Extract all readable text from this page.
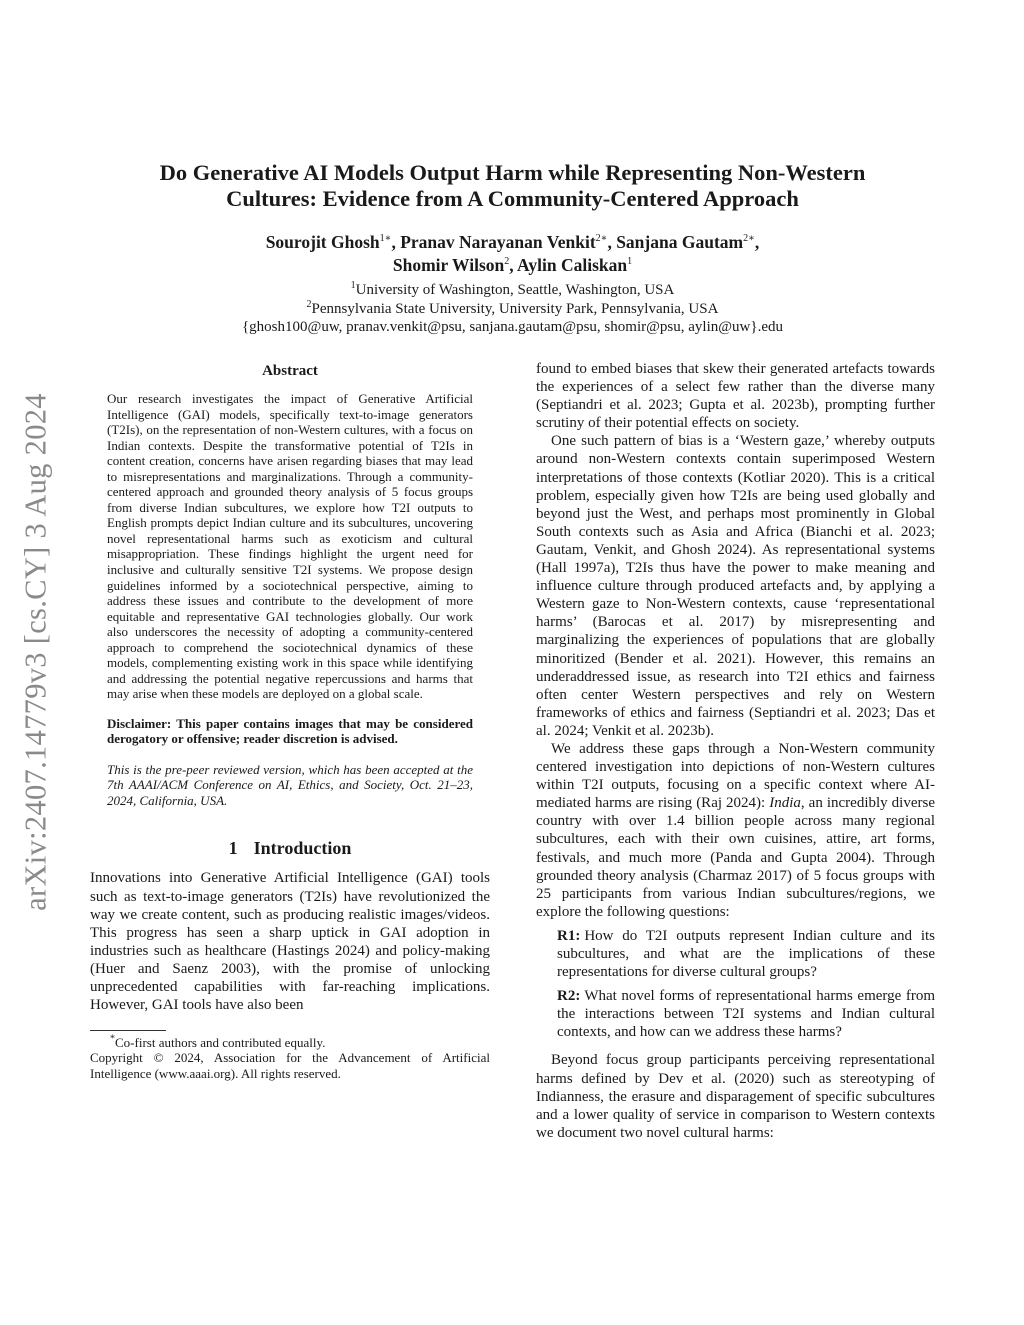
arXiv:2407.14779v3 [cs.CY] 3 Aug 2024
Do Generative AI Models Output Harm while Representing Non-Western
Cultures: Evidence from A Community-Centered Approach
Sourojit Ghosh$^{1∗}$, Pranav Narayanan Venkit$^{2∗}$, Sanjana Gautam$^{2∗}$,
Shomir Wilson$^2$, Aylin Caliskan$^1$
$^1$University of Washington, Seattle, Washington, USA
$^2$Pennsylvania State University, University Park, Pennsylvania, USA
{ghosh100@uw, pranav.venkit@psu, sanjana.gautam@psu, shomir@psu, aylin@uw}.edu
Abstract

Our research investigates the impact of Generative Artificial Intelligence (GAI) models, specifically text-to-image generators (T2Is), on the representation of non-Western cultures, with a focus on Indian contexts. Despite the transformative potential of T2Is in content creation, concerns have arisen regarding biases that may lead to misrepresentations and marginalizations. Through a community-centered approach and grounded theory analysis of 5 focus groups from diverse Indian subcultures, we explore how T2I outputs to English prompts depict Indian culture and its subcultures, uncovering novel representational harms such as exoticism and cultural misappropriation. These findings highlight the urgent need for inclusive and culturally sensitive T2I systems. We propose design guidelines informed by a sociotechnical perspective, aiming to address these issues and contribute to the development of more equitable and representative GAI technologies globally. Our work also underscores the necessity of adopting a community-centered approach to comprehend the sociotechnical dynamics of these models, complementing existing work in this space while identifying and addressing the potential negative repercussions and harms that may arise when these models are deployed on a global scale.

Disclaimer: This paper contains images that may be considered derogatory or offensive; reader discretion is advised.

This is the pre-peer reviewed version, which has been accepted at the 7th AAAI/ACM Conference on AI, Ethics, and Society, Oct. 21–23, 2024, California, USA.

1 Introduction

Innovations into Generative Artificial Intelligence (GAI) tools such as text-to-image generators (T2Is) have revolutionized the way we create content, such as producing realistic images/videos. This progress has seen a sharp uptick in GAI adoption in industries such as healthcare (Hastings 2024) and policy-making (Huer and Saenz 2003), with the promise of unlocking unprecedented capabilities with far-reaching implications. However, GAI tools have also been

*Co-first authors and contributed equally.

Copyright © 2024, Association for the Advancement of Artificial Intelligence (www.aaai.org). All rights reserved.

found to embed biases that skew their generated artefacts towards the experiences of a select few rather than the diverse many (Septiandri et al. 2023; Gupta et al. 2023b), prompting further scrutiny of their potential effects on society.

One such pattern of bias is a ‘Western gaze,’ whereby outputs around non-Western contexts contain superimposed Western interpretations of those contexts (Kotliar 2020). This is a critical problem, especially given how T2Is are being used globally and beyond just the West, and perhaps most prominently in Global South contexts such as Asia and Africa (Bianchi et al. 2023; Gautam, Venkit, and Ghosh 2024). As representational systems (Hall 1997a), T2Is thus have the power to make meaning and influence culture through produced artefacts and, by applying a Western gaze to Non-Western contexts, cause ‘representational harms’ (Barocas et al. 2017) by misrepresenting and marginalizing the experiences of populations that are globally minoritized (Bender et al. 2021). However, this remains an underaddressed issue, as research into T2I ethics and fairness often center Western perspectives and rely on Western frameworks of ethics and fairness (Septiandri et al. 2023; Das et al. 2024; Venkit et al. 2023b).

We address these gaps through a Non-Western community centered investigation into depictions of non-Western cultures within T2I outputs, focusing on a specific context where AI-mediated harms are rising (Raj 2024): India, an incredibly diverse country with over 1.4 billion people across many regional subcultures, each with their own cuisines, attire, art forms, festivals, and much more (Panda and Gupta 2004). Through grounded theory analysis (Charmaz 2017) of 5 focus groups with 25 participants from various Indian subcultures/regions, we explore the following questions:

R1: How do T2I outputs represent Indian culture and its subcultures, and what are the implications of these representations for diverse cultural groups?

R2: What novel forms of representational harms emerge from the interactions between T2I systems and Indian cultural contexts, and how can we address these harms?

Beyond focus group participants perceiving representational harms defined by Dev et al. (2020) such as stereotyping of Indianness, the erasure and disparagement of specific subcultures and a lower quality of service in comparison to Western contexts we document two novel cultural harms:
